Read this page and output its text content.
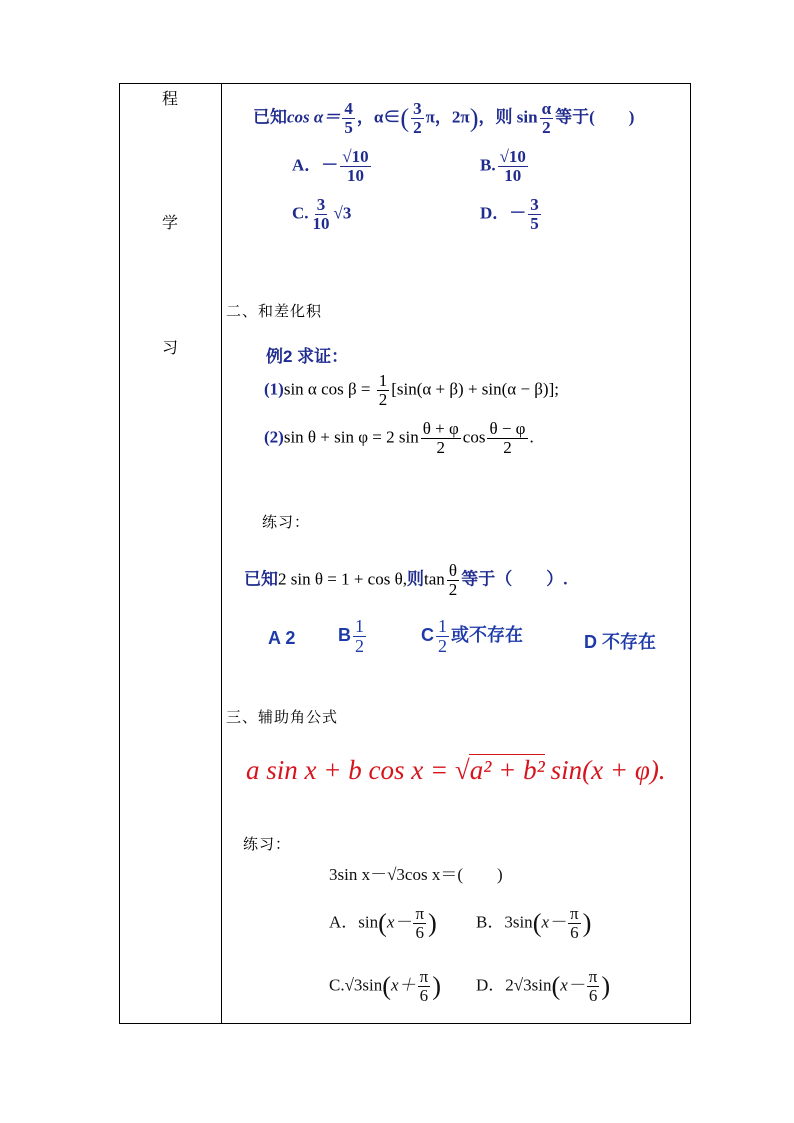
程
学
习
已知$\cos \alpha= \frac{4}{5}$ ，α∈( $\frac{3}{2}$ π，2π)，则 $\sin \frac{\alpha}{2}$ 等于(　　)
A．－ $\frac{√10}{10}$	B. $\frac{√10}{10}$
C. $\frac{3}{10} √3$	D．－ $\frac{3}{5}$
二、和差化积
例2 求证：
(1)sin α $\cos \beta = \frac{1}{2} [\sin(\alpha + \beta) + \sin(\alpha - \beta)]$;
(2)sin θ + sin φ = 2 $\sin \frac{\theta + \varphi}{2}$ $\cos \frac{\theta - \varphi}{2}$ .
练习：
已知2 sin θ = 1 + cos θ,则$\tan \frac{\theta}{2}$ 等于（　　）.
A 2 B $\frac{1}{2}$	C $\frac{1}{2}$ 或不存在	D 不存在
三、辅助角公式
a sin x + b cos x = √a² + b² sin(x + φ).
练习：
3sin x－√3cos x＝(　　)
A．$\sin(x- \frac{\pi}{6}$ ) B．$3\sin(x- \frac{\pi}{6}$ )
$C.√3\sin(x+ \frac{\pi}{6}$ ) D．$2√3\sin(x- \frac{\pi}{6}$ )
